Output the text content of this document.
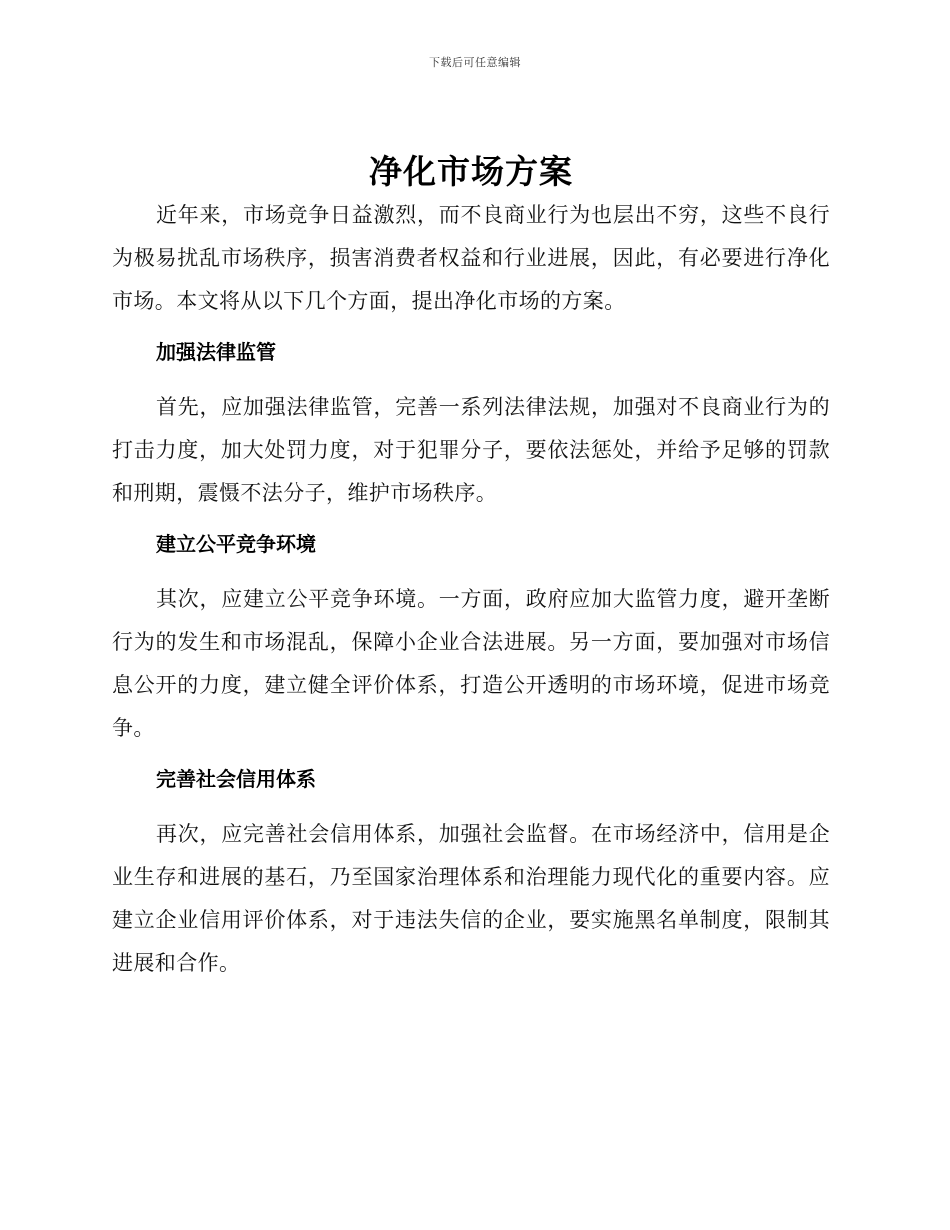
下载后可任意编辑
净化市场方案

近年来，市场竞争日益激烈，而不良商业行为也层出不穷，这些不良行为极易扰乱市场秩序，损害消费者权益和行业进展，因此，有必要进行净化市场。本文将从以下几个方面，提出净化市场的方案。

加强法律监管

首先，应加强法律监管，完善一系列法律法规，加强对不良商业行为的打击力度，加大处罚力度，对于犯罪分子，要依法惩处，并给予足够的罚款和刑期，震慑不法分子，维护市场秩序。

建立公平竞争环境

其次，应建立公平竞争环境。一方面，政府应加大监管力度，避开垄断行为的发生和市场混乱，保障小企业合法进展。另一方面，要加强对市场信息公开的力度，建立健全评价体系，打造公开透明的市场环境，促进市场竞争。

完善社会信用体系

再次，应完善社会信用体系，加强社会监督。在市场经济中，信用是企业生存和进展的基石，乃至国家治理体系和治理能力现代化的重要内容。应建立企业信用评价体系，对于违法失信的企业，要实施黑名单制度，限制其进展和合作。
